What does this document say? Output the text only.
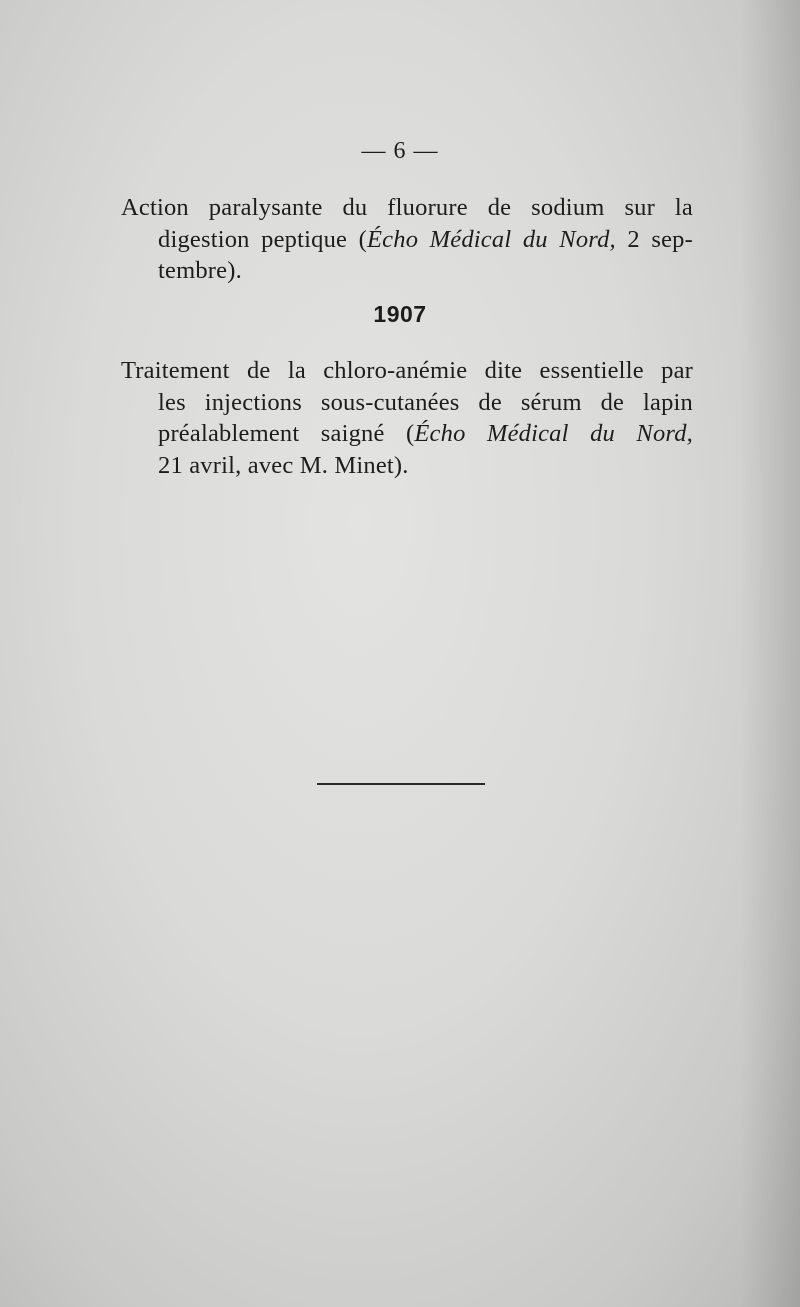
— 6 —
Action paralysante du fluorure de sodium sur la
digestion peptique (Écho Médical du Nord, 2 sep-
tembre).
1907
Traitement de la chloro-anémie dite essentielle par
les injections sous-cutanées de sérum de lapin
préalablement saigné (Écho Médical du Nord,
21 avril, avec M. Minet).
